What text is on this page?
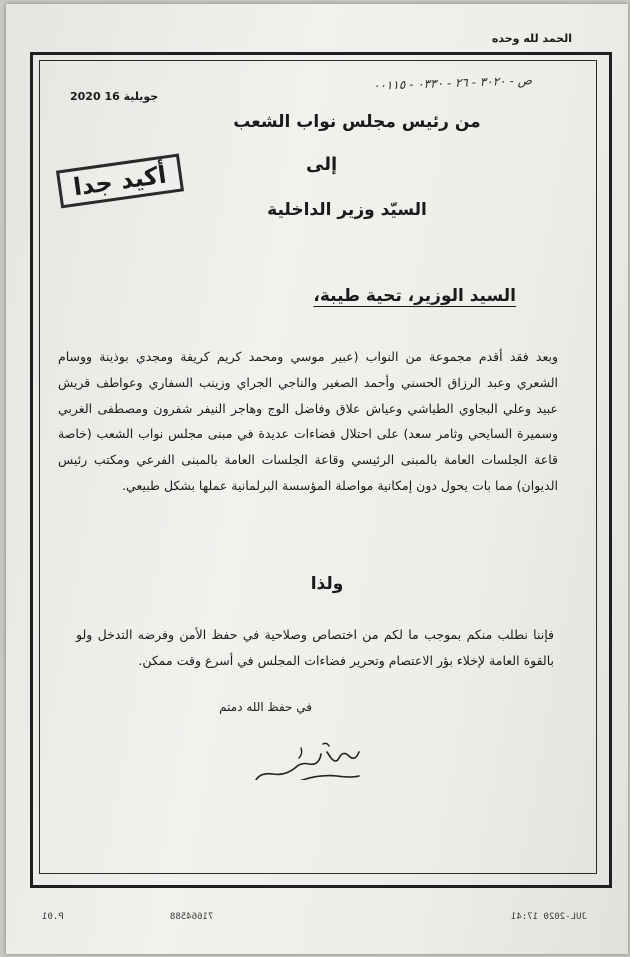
الحمد لله وحده
ص - ٣٠٢٠ - ٢٦ - ٠٣٣٠ - ٠٠١١٥
2020 جويلية 16
من رئيس مجلس نواب الشعب
إلى
السيّد وزير الداخلية
أكيد جدا
السيد الوزير، تحية طيبة،
وبعد فقد أقدم مجموعة من النواب (عبير موسي ومحمد كريم كريفة ومجدي بوذينة ووسام الشعري وعبد الرزاق الحسني وأحمد الصغير والناجي الجراي وزينب السفاري وعواطف قريش عبيد وعلي البجاوي الطياشي وعياش علاق وفاضل الوج وهاجر النيفر شفرون ومصطفى الغربي وسميرة السايحي وثامر سعد) على احتلال فضاءات عديدة في مبنى مجلس نواب الشعب (خاصة قاعة الجلسات العامة بالمبنى الرئيسي وقاعة الجلسات العامة بالمبنى الفرعي ومكتب رئيس الديوان) مما بات يحول دون إمكانية مواصلة المؤسسة البرلمانية عملها بشكل طبيعي.
ولذا
فإننا نطلب منكم بموجب ما لكم من اختصاص وصلاحية في حفظ الأمن وفرضه التدخل ولو بالقوة العامة لإخلاء بؤر الاعتصام وتحرير فضاءات المجلس في أسرع وقت ممكن.
في حفظ الله دمتم
P.01	71664588	JUL-2020 17:41
